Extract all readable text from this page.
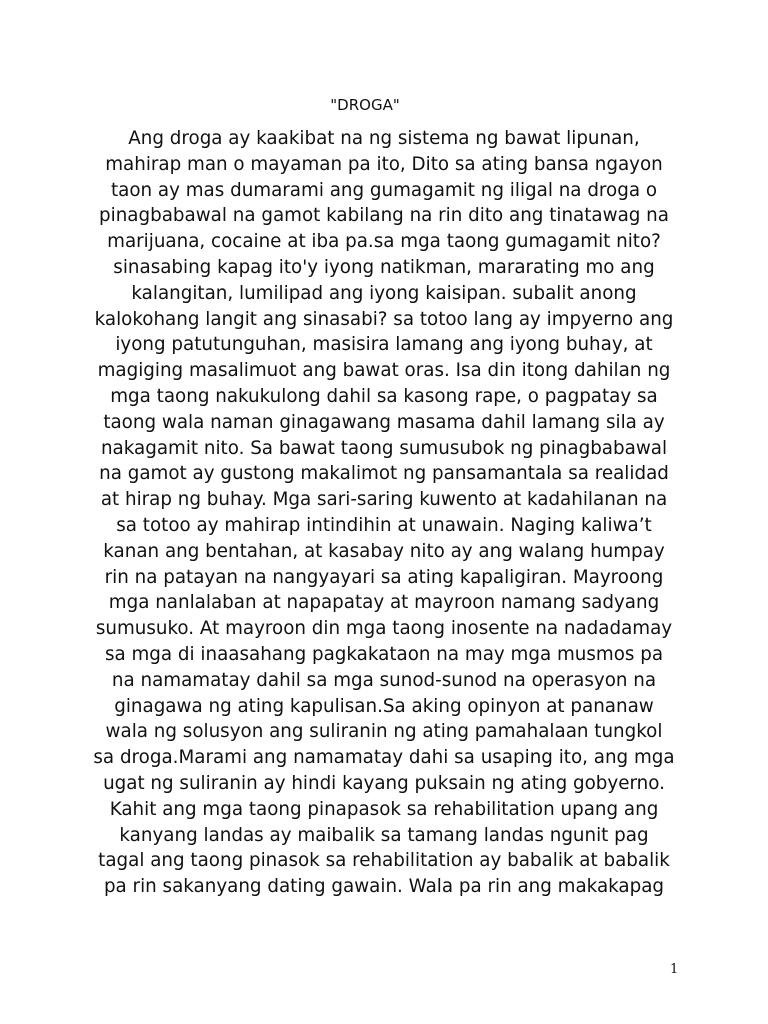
"DROGA"
Ang droga ay kaakibat na ng sistema ng bawat lipunan,
mahirap man o mayaman pa ito, Dito sa ating bansa ngayon
taon ay mas dumarami ang gumagamit ng iligal na droga o
pinagbabawal na gamot kabilang na rin dito ang tinatawag na
marijuana, cocaine at iba pa.sa mga taong gumagamit nito?
sinasabing kapag ito'y iyong natikman, mararating mo ang
kalangitan, lumilipad ang iyong kaisipan. subalit anong
kalokohang langit ang sinasabi? sa totoo lang ay impyerno ang
iyong patutunguhan, masisira lamang ang iyong buhay, at
magiging masalimuot ang bawat oras. Isa din itong dahilan ng
mga taong nakukulong dahil sa kasong rape, o pagpatay sa
taong wala naman ginagawang masama dahil lamang sila ay
nakagamit nito. Sa bawat taong sumusubok ng pinagbabawal
na gamot ay gustong makalimot ng pansamantala sa realidad
at hirap ng buhay. Mga sari-saring kuwento at kadahilanan na
sa totoo ay mahirap intindihin at unawain. Naging kaliwa’t
kanan ang bentahan, at kasabay nito ay ang walang humpay
rin na patayan na nangyayari sa ating kapaligiran. Mayroong
mga nanlalaban at napapatay at mayroon namang sadyang
sumusuko. At mayroon din mga taong inosente na nadadamay
sa mga di inaasahang pagkakataon na may mga musmos pa
na namamatay dahil sa mga sunod-sunod na operasyon na
ginagawa ng ating kapulisan.Sa aking opinyon at pananaw
wala ng solusyon ang suliranin ng ating pamahalaan tungkol
sa droga.Marami ang namamatay dahi sa usaping ito, ang mga
ugat ng suliranin ay hindi kayang puksain ng ating gobyerno.
Kahit ang mga taong pinapasok sa rehabilitation upang ang
kanyang landas ay maibalik sa tamang landas ngunit pag
tagal ang taong pinasok sa rehabilitation ay babalik at babalik
pa rin sakanyang dating gawain. Wala pa rin ang makakapag
1
